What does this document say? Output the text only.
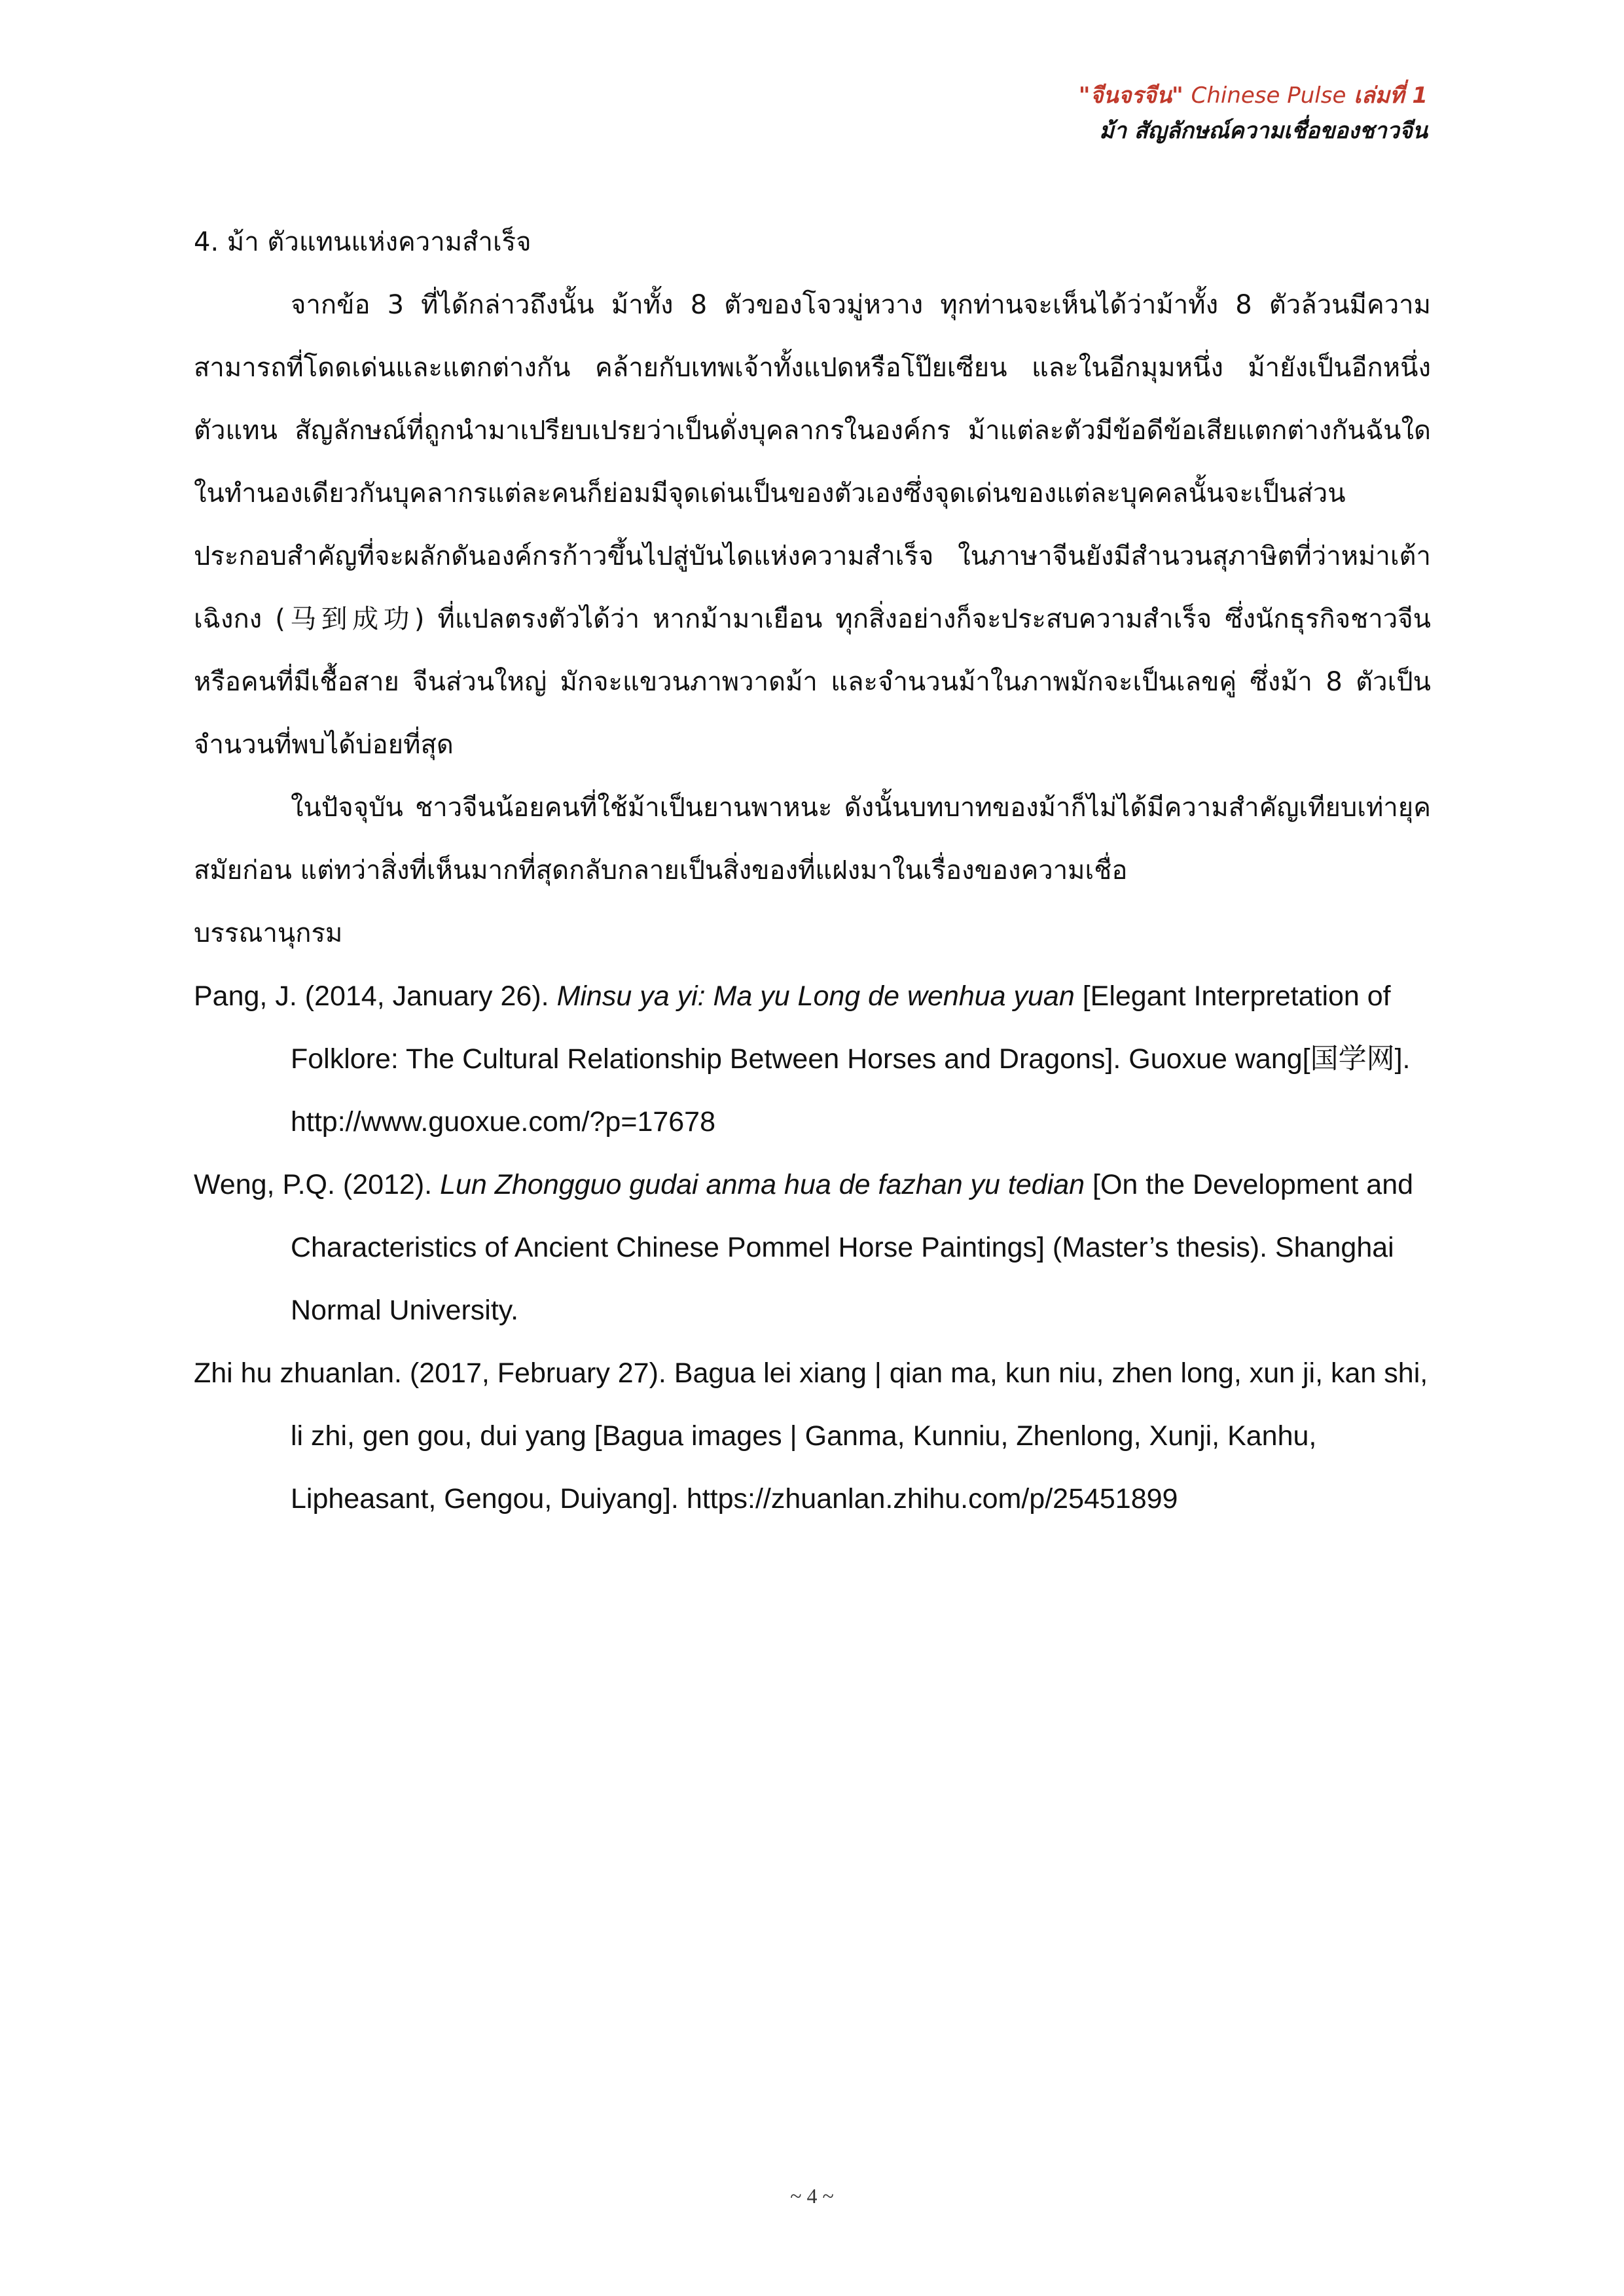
"จีนจรจีน" Chinese Pulse เล่มที่ 1
ม้า สัญลักษณ์ความเชื่อของชาวจีน

4. ม้า ตัวแทนแห่งความสำเร็จ

จากข้อ 3 ที่ได้กล่าวถึงนั้น ม้าทั้ง 8 ตัวของโจวมู่หวาง ทุกท่านจะเห็นได้ว่าม้าทั้ง 8 ตัวล้วนมีความสามารถที่โดดเด่นและแตกต่างกัน คล้ายกับเทพเจ้าทั้งแปดหรือโป๊ยเซียน และในอีกมุมหนึ่ง ม้ายังเป็นอีกหนึ่งตัวแทน สัญลักษณ์ที่ถูกนำมาเปรียบเปรยว่าเป็นดั่งบุคลากรในองค์กร ม้าแต่ละตัวมีข้อดีข้อเสียแตกต่างกันฉันใด ในทำนองเดียวกันบุคลากรแต่ละคนก็ย่อมมีจุดเด่นเป็นของตัวเองซึ่งจุดเด่นของแต่ละบุคคลนั้นจะเป็นส่วนประกอบสำคัญที่จะผลักดันองค์กรก้าวขึ้นไปสู่บันไดแห่งความสำเร็จ ในภาษาจีนยังมีสำนวนสุภาษิตที่ว่าหม่าเต้าเฉิงกง (马到成功) ที่แปลตรงตัวได้ว่า หากม้ามาเยือน ทุกสิ่งอย่างก็จะประสบความสำเร็จ ซึ่งนักธุรกิจชาวจีน หรือคนที่มีเชื้อสาย จีนส่วนใหญ่ มักจะแขวนภาพวาดม้า และจำนวนม้าในภาพมักจะเป็นเลขคู่ ซึ่งม้า 8 ตัวเป็นจำนวนที่พบได้บ่อยที่สุด

ในปัจจุบัน ชาวจีนน้อยคนที่ใช้ม้าเป็นยานพาหนะ ดังนั้นบทบาทของม้าก็ไม่ได้มีความสำคัญเทียบเท่ายุคสมัยก่อน แต่ทว่าสิ่งที่เห็นมากที่สุดกลับกลายเป็นสิ่งของที่แฝงมาในเรื่องของความเชื่อ

บรรณานุกรม

Pang, J. (2014, January 26). Minsu ya yi: Ma yu Long de wenhua yuan [Elegant Interpretation of Folklore: The Cultural Relationship Between Horses and Dragons]. Guoxue wang[国学网]. http://www.guoxue.com/?p=17678
Weng, P.Q. (2012). Lun Zhongguo gudai anma hua de fazhan yu tedian [On the Development and Characteristics of Ancient Chinese Pommel Horse Paintings] (Master’s thesis). Shanghai Normal University.
Zhi hu zhuanlan. (2017, February 27). Bagua lei xiang | qian ma, kun niu, zhen long, xun ji, kan shi, li zhi, gen gou, dui yang [Bagua images | Ganma, Kunniu, Zhenlong, Xunji, Kanhu, Lipheasant, Gengou, Duiyang]. https://zhuanlan.zhihu.com/p/25451899
~ 4 ~
